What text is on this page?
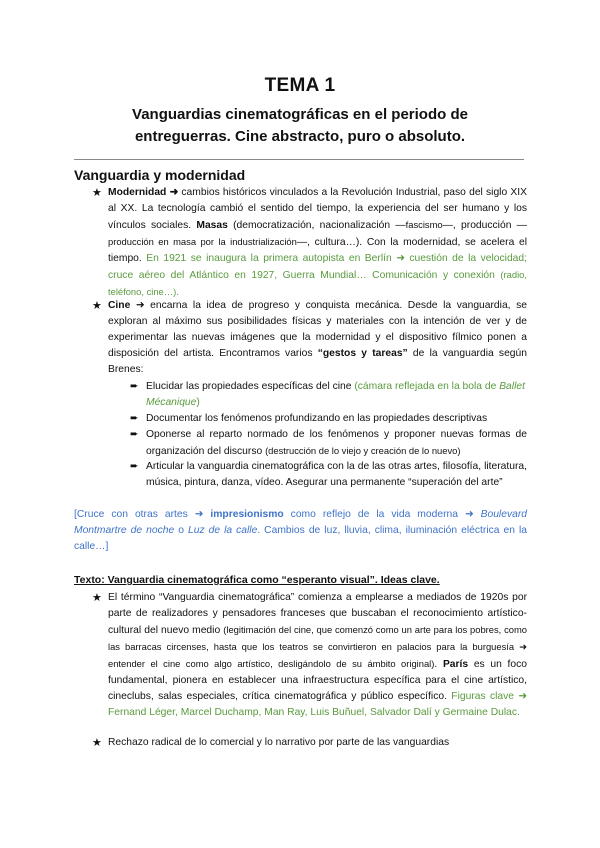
TEMA 1
Vanguardias cinematográficas en el periodo de entreguerras. Cine abstracto, puro o absoluto.
Vanguardia y modernidad
★ Modernidad ➜ cambios históricos vinculados a la Revolución Industrial, paso del siglo XIX al XX. La tecnología cambió el sentido del tiempo, la experiencia del ser humano y los vínculos sociales. Masas (democratización, nacionalización —fascismo—, producción —producción en masa por la industrialización—, cultura…). Con la modernidad, se acelera el tiempo. En 1921 se inaugura la primera autopista en Berlín ➜ cuestión de la velocidad; cruce aéreo del Atlántico en 1927, Guerra Mundial… Comunicación y conexión (radio, teléfono, cine…).
★ Cine ➜ encarna la idea de progreso y conquista mecánica. Desde la vanguardia, se exploran al máximo sus posibilidades físicas y materiales con la intención de ver y de experimentar las nuevas imágenes que la modernidad y el dispositivo fílmico ponen a disposición del artista. Encontramos varios “gestos y tareas” de la vanguardia según Brenes:
➨ Elucidar las propiedades específicas del cine (cámara reflejada en la bola de Ballet Mécanique)
➨ Documentar los fenómenos profundizando en las propiedades descriptivas
➨ Oponerse al reparto normado de los fenómenos y proponer nuevas formas de organización del discurso (destrucción de lo viejo y creación de lo nuevo)
➨ Articular la vanguardia cinematográfica con la de las otras artes, filosofía, literatura, música, pintura, danza, vídeo. Asegurar una permanente “superación del arte”
[Cruce con otras artes ➜ impresionismo como reflejo de la vida moderna ➜ Boulevard Montmartre de noche o Luz de la calle. Cambios de luz, lluvia, clima, iluminación eléctrica en la calle…]
Texto: Vanguardia cinematográfica como “esperanto visual”. Ideas clave.
★ El término “Vanguardia cinematográfica” comienza a emplearse a mediados de 1920s por parte de realizadores y pensadores franceses que buscaban el reconocimiento artístico-cultural del nuevo medio (legitimación del cine, que comenzó como un arte para los pobres, como las barracas circenses, hasta que los teatros se convirtieron en palacios para la burguesía ➜ entender el cine como algo artístico, desligándolo de su ámbito original). París es un foco fundamental, pionera en establecer una infraestructura específica para el cine artístico, cineclubs, salas especiales, crítica cinematográfica y público específico. Figuras clave ➜ Fernand Léger, Marcel Duchamp, Man Ray, Luis Buñuel, Salvador Dalí y Germaine Dulac.
★ Rechazo radical de lo comercial y lo narrativo por parte de las vanguardias
